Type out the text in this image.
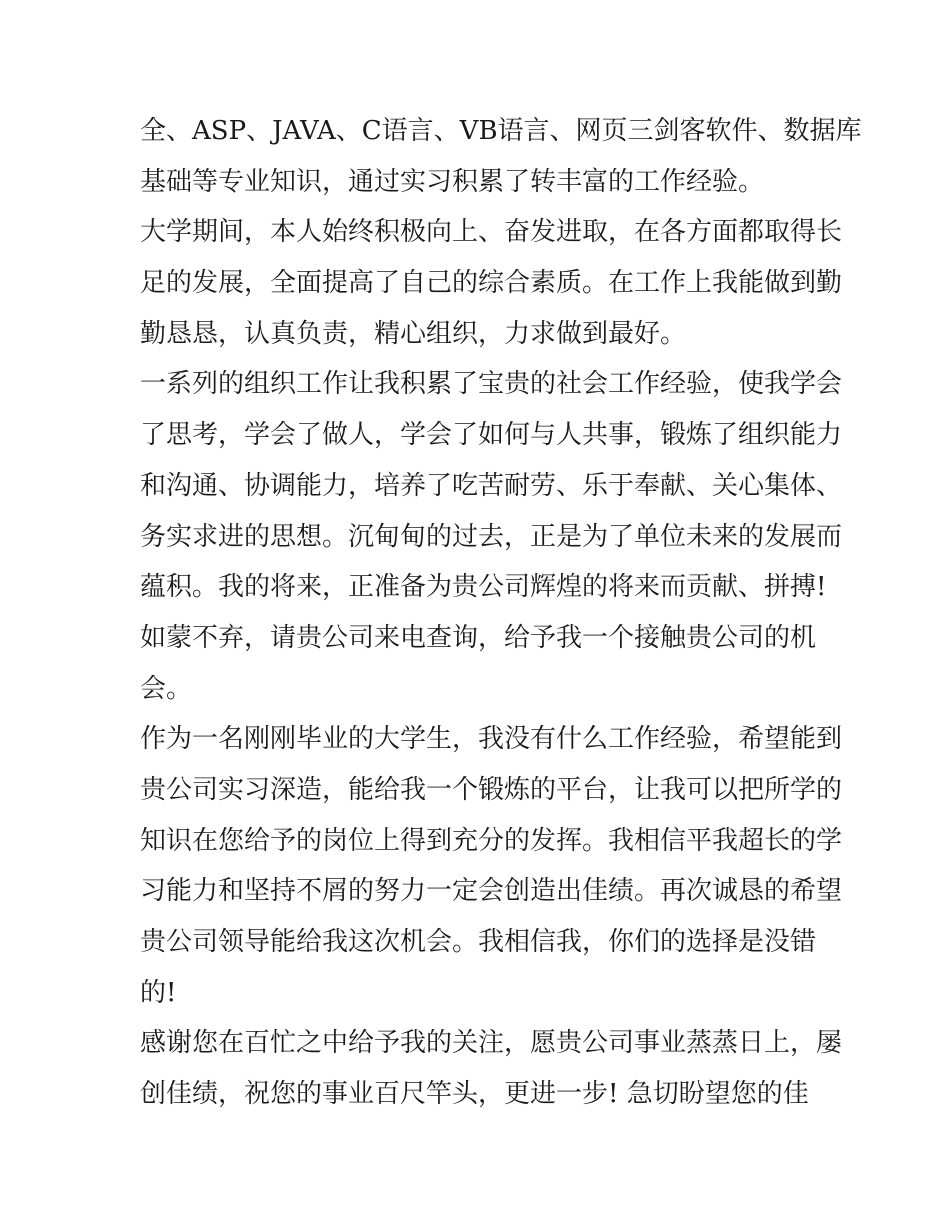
全、ASP、JAVA、C语言、VB语言、网页三剑客软件、数据库
基础等专业知识，通过实习积累了转丰富的工作经验。
大学期间，本人始终积极向上、奋发进取，在各方面都取得长
足的发展，全面提高了自己的综合素质。在工作上我能做到勤
勤恳恳，认真负责，精心组织，力求做到最好。
一系列的组织工作让我积累了宝贵的社会工作经验，使我学会
了思考，学会了做人，学会了如何与人共事，锻炼了组织能力
和沟通、协调能力，培养了吃苦耐劳、乐于奉献、关心集体、
务实求进的思想。沉甸甸的过去，正是为了单位未来的发展而
蕴积。我的将来，正准备为贵公司辉煌的将来而贡献、拼搏!
如蒙不弃，请贵公司来电查询，给予我一个接触贵公司的机
会。
作为一名刚刚毕业的大学生，我没有什么工作经验，希望能到
贵公司实习深造，能给我一个锻炼的平台，让我可以把所学的
知识在您给予的岗位上得到充分的发挥。我相信平我超长的学
习能力和坚持不屑的努力一定会创造出佳绩。再次诚恳的希望
贵公司领导能给我这次机会。我相信我，你们的选择是没错
的!
感谢您在百忙之中给予我的关注，愿贵公司事业蒸蒸日上，屡
创佳绩，祝您的事业百尺竿头，更进一步! 急切盼望您的佳
